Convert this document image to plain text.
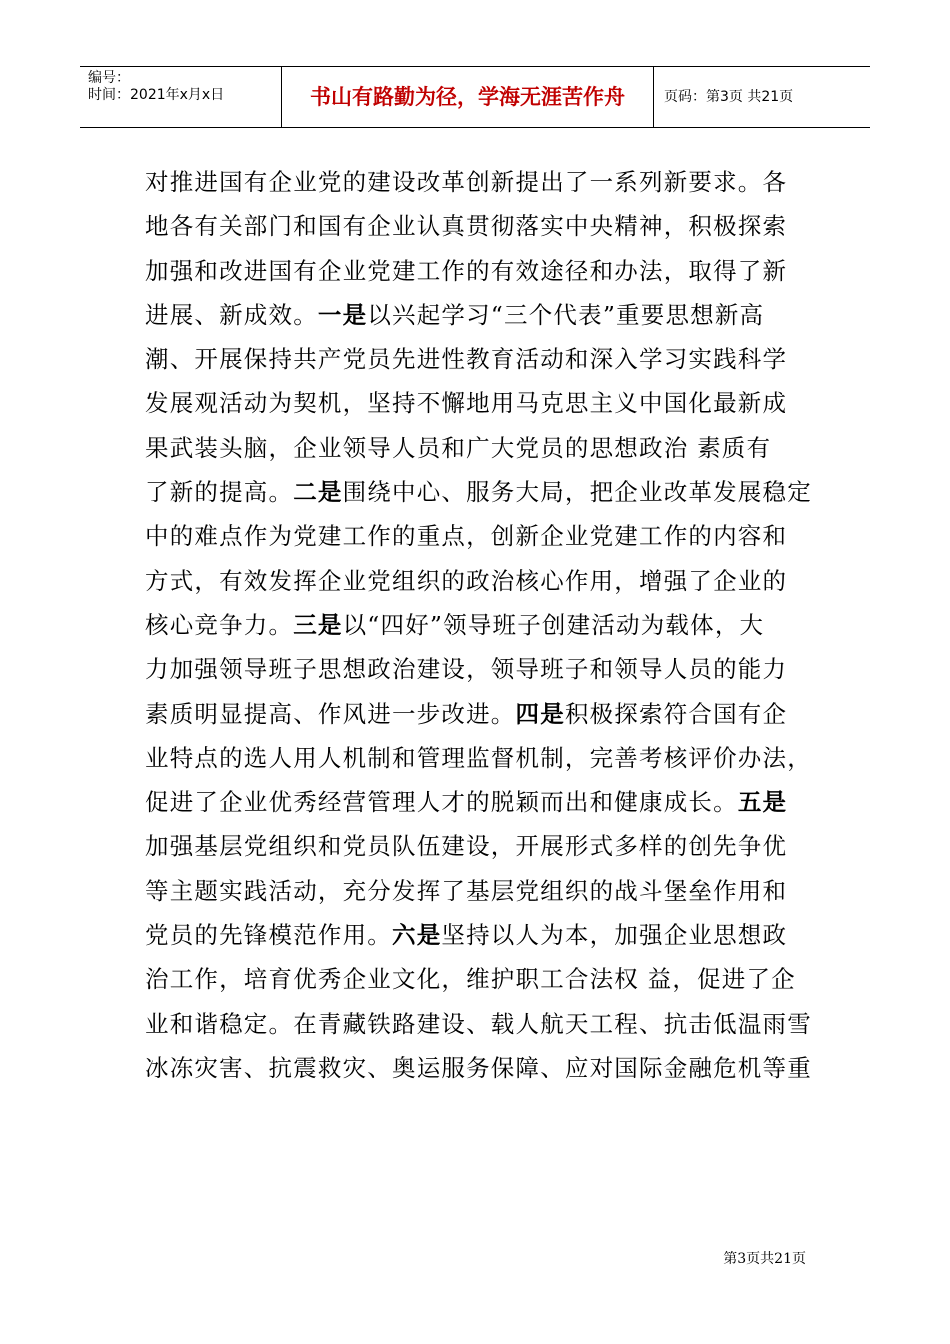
编号：
时间：2021年x月x日	书山有路勤为径，学海无涯苦作舟	页码：第3页 共21页
对推进国有企业党的建设改革创新提出了一系列新要求。各
地各有关部门和国有企业认真贯彻落实中央精神，积极探索
加强和改进国有企业党建工作的有效途径和办法，取得了新
进展、新成效。一是以兴起学习“三个代表”重要思想新高
潮、开展保持共产党员先进性教育活动和深入学习实践科学
发展观活动为契机，坚持不懈地用马克思主义中国化最新成
果武装头脑，企业领导人员和广大党员的思想政治 素质有
了新的提高。二是围绕中心、服务大局，把企业改革发展稳定
中的难点作为党建工作的重点，创新企业党建工作的内容和
方式，有效发挥企业党组织的政治核心作用，增强了企业的
核心竞争力。三是以“四好”领导班子创建活动为载体，大
力加强领导班子思想政治建设，领导班子和领导人员的能力
素质明显提高、作风进一步改进。四是积极探索符合国有企
业特点的选人用人机制和管理监督机制，完善考核评价办法，
促进了企业优秀经营管理人才的脱颖而出和健康成长。五是
加强基层党组织和党员队伍建设，开展形式多样的创先争优
等主题实践活动，充分发挥了基层党组织的战斗堡垒作用和
党员的先锋模范作用。六是坚持以人为本，加强企业思想政
治工作，培育优秀企业文化，维护职工合法权 益，促进了企
业和谐稳定。在青藏铁路建设、载人航天工程、抗击低温雨雪
冰冻灾害、抗震救灾、奥运服务保障、应对国际金融危机等重
第3页共21页
